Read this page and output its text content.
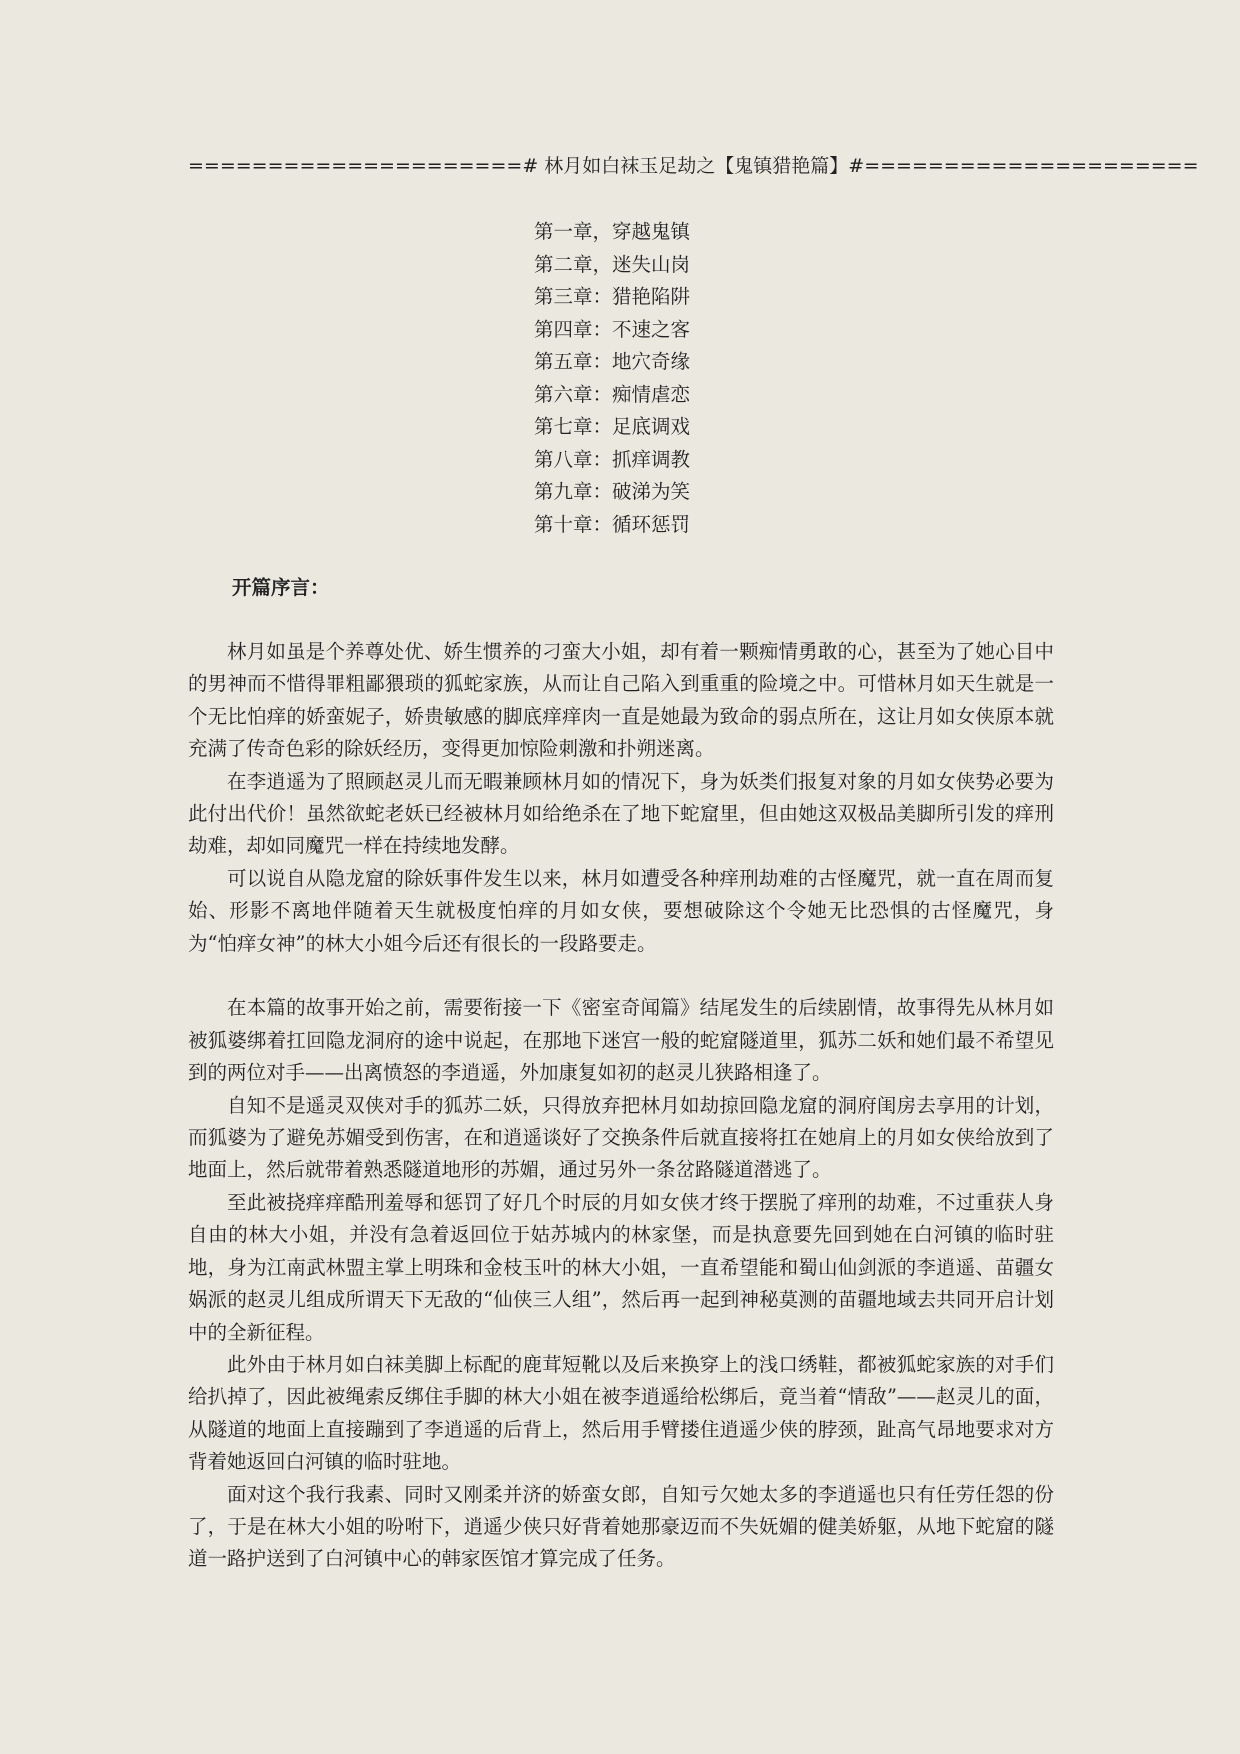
=====================# 林月如白袜玉足劫之【鬼镇猎艳篇】#=====================
第一章，穿越鬼镇
第二章，迷失山岗
第三章：猎艳陷阱
第四章：不速之客
第五章：地穴奇缘
第六章：痴情虐恋
第七章：足底调戏
第八章：抓痒调教
第九章：破涕为笑
第十章：循环惩罚
开篇序言：

林月如虽是个养尊处优、娇生惯养的刁蛮大小姐，却有着一颗痴情勇敢的心，甚至为了她心目中的男神而不惜得罪粗鄙猥琐的狐蛇家族，从而让自己陷入到重重的险境之中。可惜林月如天生就是一个无比怕痒的娇蛮妮子，娇贵敏感的脚底痒痒肉一直是她最为致命的弱点所在，这让月如女侠原本就充满了传奇色彩的除妖经历，变得更加惊险刺激和扑朔迷离。

在李逍遥为了照顾赵灵儿而无暇兼顾林月如的情况下，身为妖类们报复对象的月如女侠势必要为此付出代价！虽然欲蛇老妖已经被林月如给绝杀在了地下蛇窟里，但由她这双极品美脚所引发的痒刑劫难，却如同魔咒一样在持续地发酵。

可以说自从隐龙窟的除妖事件发生以来，林月如遭受各种痒刑劫难的古怪魔咒，就一直在周而复始、形影不离地伴随着天生就极度怕痒的月如女侠，要想破除这个令她无比恐惧的古怪魔咒，身为“怕痒女神”的林大小姐今后还有很长的一段路要走。

在本篇的故事开始之前，需要衔接一下《密室奇闻篇》结尾发生的后续剧情，故事得先从林月如被狐婆绑着扛回隐龙洞府的途中说起，在那地下迷宫一般的蛇窟隧道里，狐苏二妖和她们最不希望见到的两位对手——出离愤怒的李逍遥，外加康复如初的赵灵儿狭路相逢了。

自知不是遥灵双侠对手的狐苏二妖，只得放弃把林月如劫掠回隐龙窟的洞府闺房去享用的计划，而狐婆为了避免苏媚受到伤害，在和逍遥谈好了交换条件后就直接将扛在她肩上的月如女侠给放到了地面上，然后就带着熟悉隧道地形的苏媚，通过另外一条岔路隧道潜逃了。

至此被挠痒痒酷刑羞辱和惩罚了好几个时辰的月如女侠才终于摆脱了痒刑的劫难，不过重获人身自由的林大小姐，并没有急着返回位于姑苏城内的林家堡，而是执意要先回到她在白河镇的临时驻地，身为江南武林盟主掌上明珠和金枝玉叶的林大小姐，一直希望能和蜀山仙剑派的李逍遥、苗疆女娲派的赵灵儿组成所谓天下无敌的“仙侠三人组”，然后再一起到神秘莫测的苗疆地域去共同开启计划中的全新征程。

此外由于林月如白袜美脚上标配的鹿茸短靴以及后来换穿上的浅口绣鞋，都被狐蛇家族的对手们给扒掉了，因此被绳索反绑住手脚的林大小姐在被李逍遥给松绑后，竟当着“情敌”——赵灵儿的面，从隧道的地面上直接蹦到了李逍遥的后背上，然后用手臂搂住逍遥少侠的脖颈，趾高气昂地要求对方背着她返回白河镇的临时驻地。

面对这个我行我素、同时又刚柔并济的娇蛮女郎，自知亏欠她太多的李逍遥也只有任劳任怨的份了，于是在林大小姐的吩咐下，逍遥少侠只好背着她那豪迈而不失妩媚的健美娇躯，从地下蛇窟的隧道一路护送到了白河镇中心的韩家医馆才算完成了任务。
